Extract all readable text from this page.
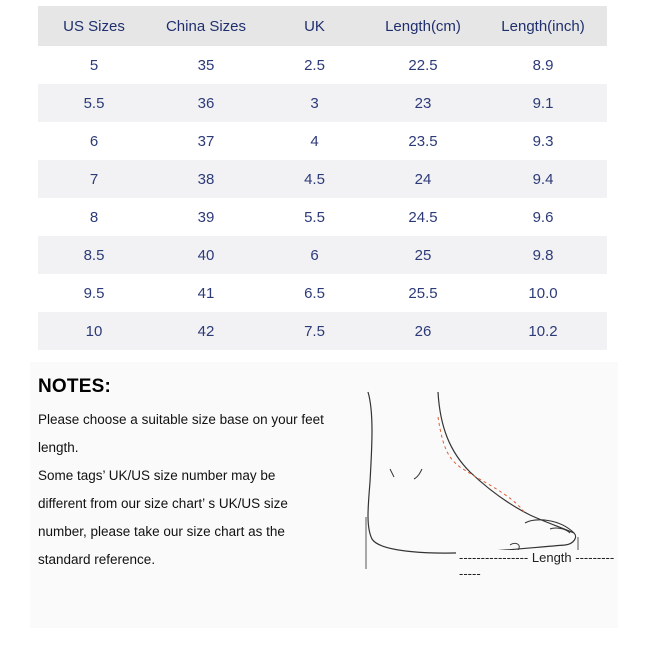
US Sizes	China Sizes	UK	Length(cm)	Length(inch)
5	35	2.5	22.5	8.9
5.5	36	3	23	9.1
6	37	4	23.5	9.3
7	38	4.5	24	9.4
8	39	5.5	24.5	9.6
8.5	40	6	25	9.8
9.5	41	6.5	25.5	10.0
10	42	7.5	26	10.2
NOTES:

Please choose a suitable size base on your feet

length.

Some tags’ UK/US size number may be

different from our size chart’ s UK/US size

number, please take our size chart as the

standard reference.	---------------- Length --------------
